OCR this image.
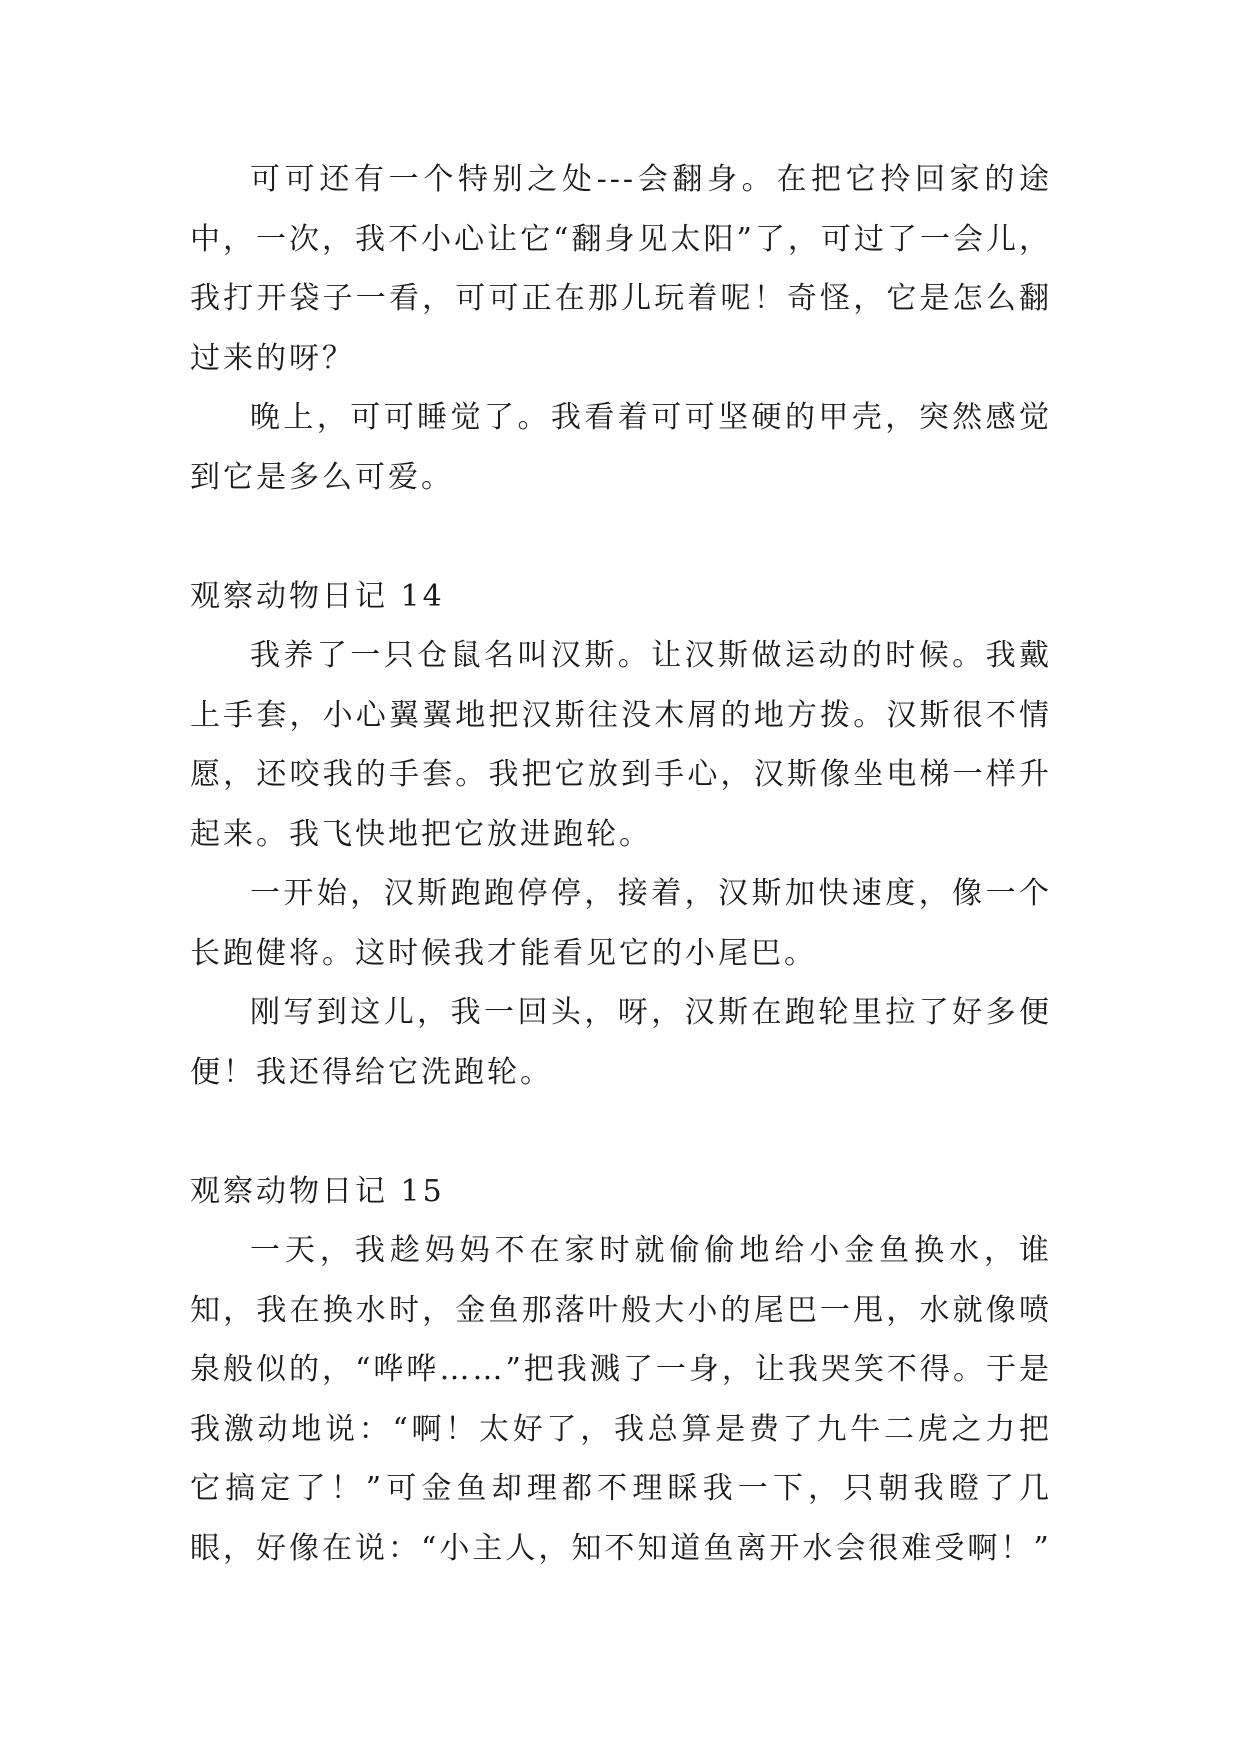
可可还有一个特别之处---会翻身。在把它拎回家的途中，一次，我不小心让它“翻身见太阳”了，可过了一会儿，我打开袋子一看，可可正在那儿玩着呢！奇怪，它是怎么翻过来的呀？

晚上，可可睡觉了。我看着可可坚硬的甲壳，突然感觉到它是多么可爱。

观察动物日记 14

我养了一只仓鼠名叫汉斯。让汉斯做运动的时候。我戴上手套，小心翼翼地把汉斯往没木屑的地方拨。汉斯很不情愿，还咬我的手套。我把它放到手心，汉斯像坐电梯一样升起来。我飞快地把它放进跑轮。

一开始，汉斯跑跑停停，接着，汉斯加快速度，像一个长跑健将。这时候我才能看见它的小尾巴。

刚写到这儿，我一回头，呀，汉斯在跑轮里拉了好多便便！我还得给它洗跑轮。

观察动物日记 15

一天，我趁妈妈不在家时就偷偷地给小金鱼换水，谁知，我在换水时，金鱼那落叶般大小的尾巴一甩，水就像喷泉般似的，“哗哗……”把我溅了一身，让我哭笑不得。于是我激动地说：“啊！太好了，我总算是费了九牛二虎之力把它搞定了！”可金鱼却理都不理睬我一下，只朝我瞪了几眼，好像在说：“小主人，知不知道鱼离开水会很难受啊！”
